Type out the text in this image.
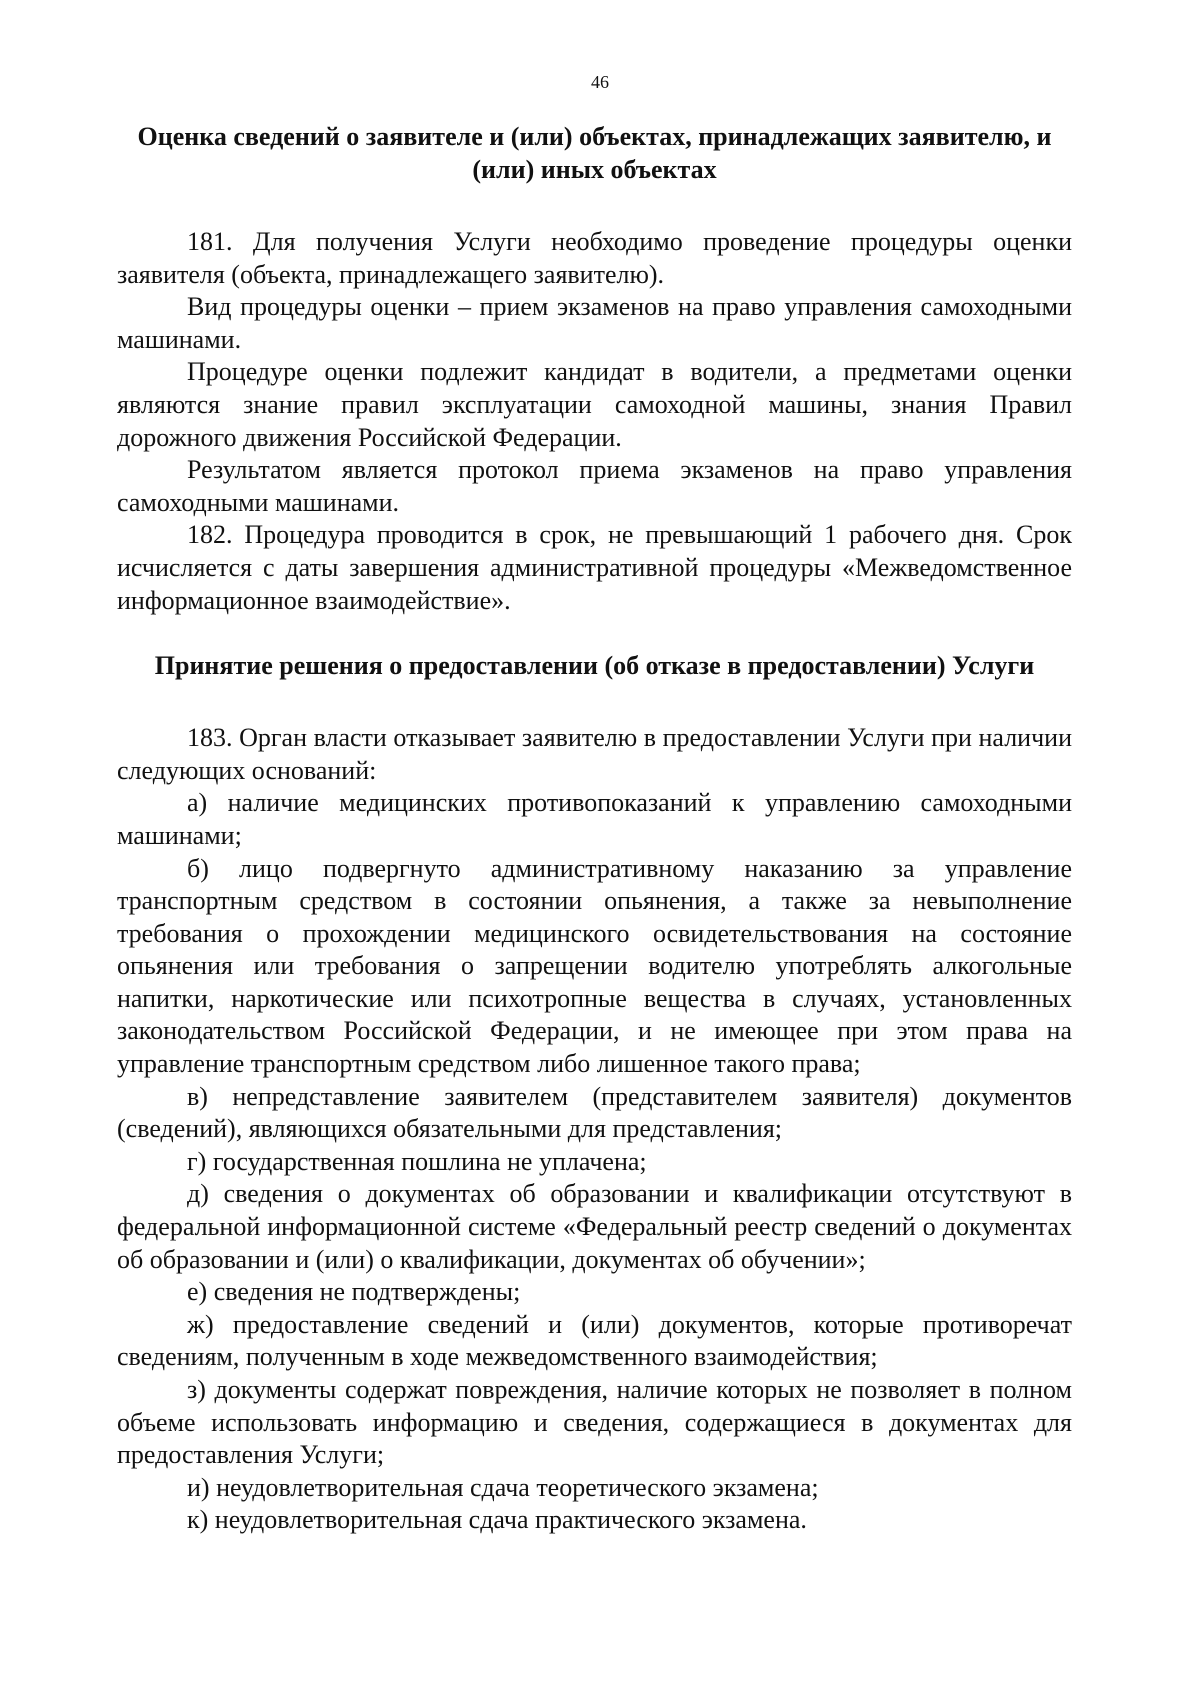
46
Оценка сведений о заявителе и (или) объектах, принадлежащих заявителю, и (или) иных объектах

181. Для получения Услуги необходимо проведение процедуры оценки заявителя (объекта, принадлежащего заявителю).

Вид процедуры оценки – прием экзаменов на право управления самоходными машинами.

Процедуре оценки подлежит кандидат в водители, а предметами оценки являются знание правил эксплуатации самоходной машины, знания Правил дорожного движения Российской Федерации.

Результатом является протокол приема экзаменов на право управления самоходными машинами.

182. Процедура проводится в срок, не превышающий 1 рабочего дня. Срок исчисляется с даты завершения административной процедуры «Межведомственное информационное взаимодействие».

Принятие решения о предоставлении (об отказе в предоставлении) Услуги

183. Орган власти отказывает заявителю в предоставлении Услуги при наличии следующих оснований:

а) наличие медицинских противопоказаний к управлению самоходными машинами;

б) лицо подвергнуто административному наказанию за управление транспортным средством в состоянии опьянения, а также за невыполнение требования о прохождении медицинского освидетельствования на состояние опьянения или требования о запрещении водителю употреблять алкогольные напитки, наркотические или психотропные вещества в случаях, установленных законодательством Российской Федерации, и не имеющее при этом права на управление транспортным средством либо лишенное такого права;

в) непредставление заявителем (представителем заявителя) документов (сведений), являющихся обязательными для представления;

г) государственная пошлина не уплачена;

д) сведения о документах об образовании и квалификации отсутствуют в федеральной информационной системе «Федеральный реестр сведений о документах об образовании и (или) о квалификации, документах об обучении»;

е) сведения не подтверждены;

ж) предоставление сведений и (или) документов, которые противоречат сведениям, полученным в ходе межведомственного взаимодействия;

з) документы содержат повреждения, наличие которых не позволяет в полном объеме использовать информацию и сведения, содержащиеся в документах для предоставления Услуги;

и) неудовлетворительная сдача теоретического экзамена;

к) неудовлетворительная сдача практического экзамена.
